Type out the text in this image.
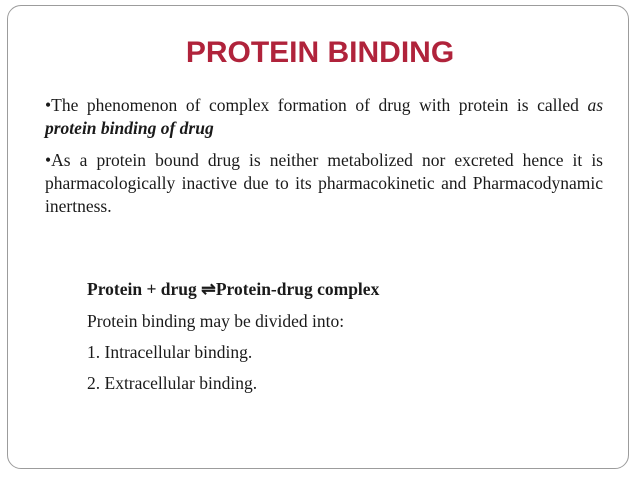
PROTEIN BINDING

•The phenomenon of complex formation of drug with protein is called as protein binding of drug

•As a protein bound drug is neither metabolized nor excreted hence it is pharmacologically inactive due to its pharmacokinetic and Pharmacodynamic inertness.

Protein + drug ⇌Protein-drug complex
Protein binding may be divided into:
1. Intracellular binding.
2. Extracellular binding.
